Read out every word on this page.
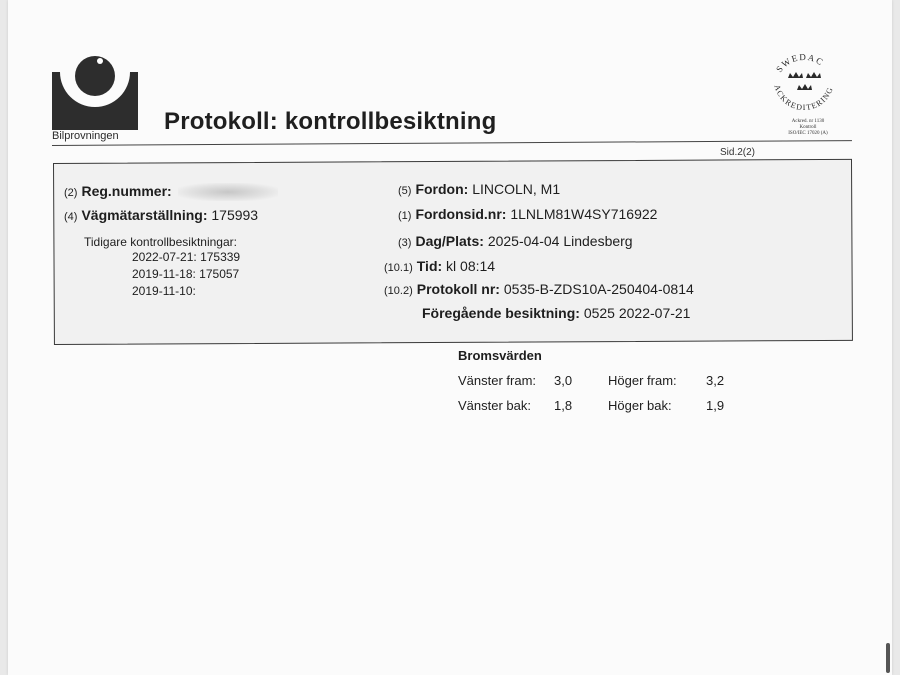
Bilprovningen
Protokoll: kontrollbesiktning
SWEDAC
ACKREDITERING
Ackred. nr 1130
Kontroll
ISO/IEC 17020 (A)
Sid.2(2)
(2) Reg.nummer:
(4) Vägmätarställning: 175993
Tidigare kontrollbesiktningar:
2022-07-21: 175339
2019-11-18: 175057
2019-11-10:
(5) Fordon: LINCOLN, M1
(1) Fordonsid.nr: 1LNLM81W4SY716922
(3) Dag/Plats: 2025-04-04 Lindesberg
(10.1) Tid: kl 08:14
(10.2) Protokoll nr: 0535-B-ZDS10A-250404-0814
Föregående besiktning: 0525 2022-07-21
Bromsvärden
Vänster fram: 3,0	Höger fram: 3,2
Vänster bak: 1,8	Höger bak:	1,9
